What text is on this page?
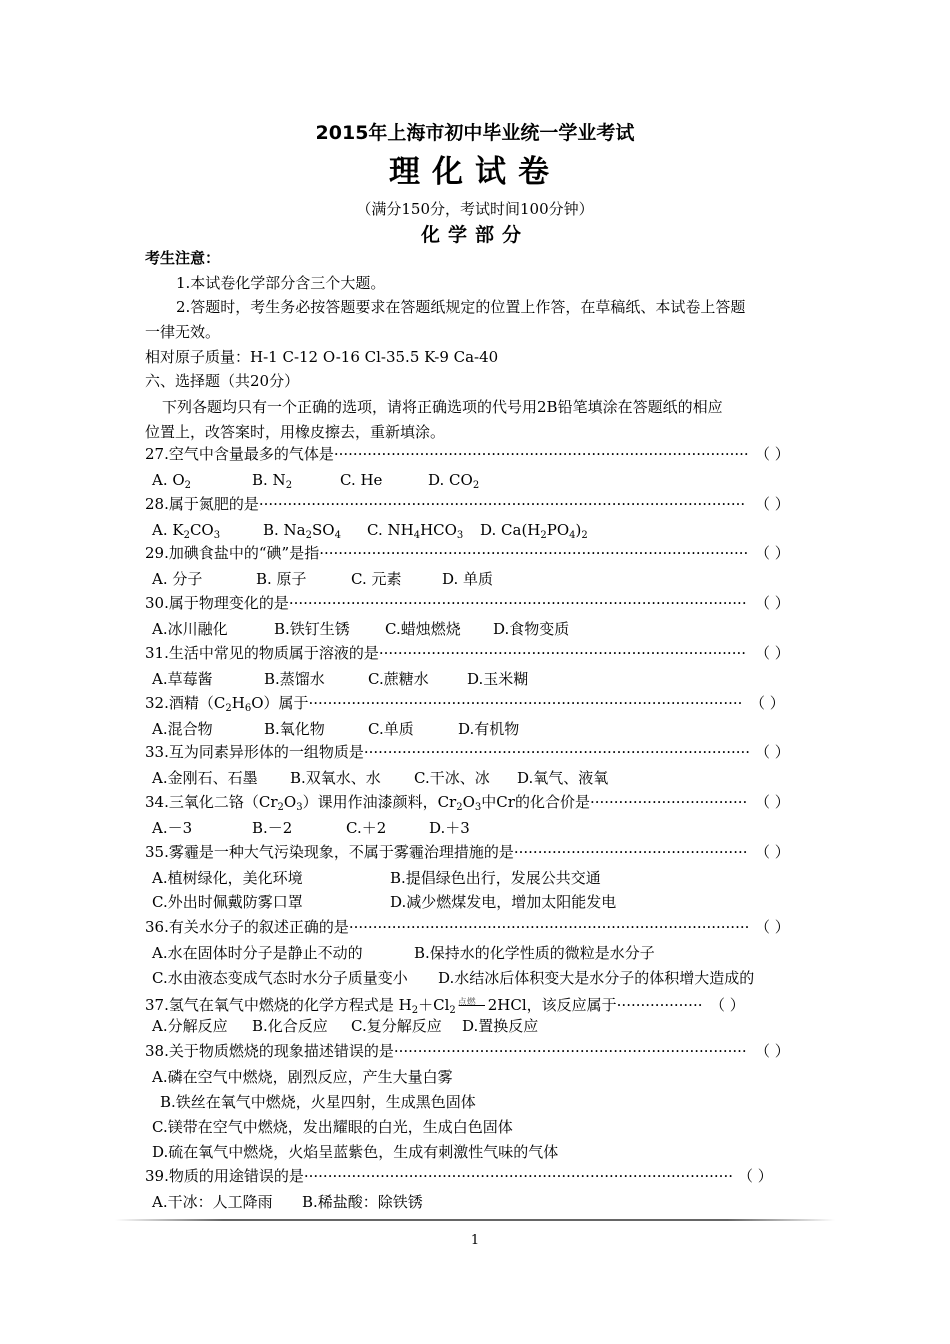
2015年上海市初中毕业统一学业考试
理化试卷
（满分150分，考试时间100分钟）
化学部分
考生注意：
1.本试卷化学部分含三个大题。
2.答题时，考生务必按答题要求在答题纸规定的位置上作答，在草稿纸、本试卷上答题
一律无效。
相对原子质量：H-1 C-12 O-16 Cl-35.5 K-9 Ca-40
六、选择题（共20分）
下列各题均只有一个正确的选项，请将正确选项的代号用2B铅笔填涂在答题纸的相应
位置上，改答案时，用橡皮擦去，重新填涂。
27.空气中含量最多的气体是······················································································· （ ）
A. $O_2$	B. $N_2$	C. He	D. $CO_2$
28.属于氮肥的是······································································································ （ ）
A. $K_2CO_3$	B. $Na_2SO_4$ C. $NH_4HCO_3$ D. $Ca(H_2PO_4)_2$
29.加碘食盐中的“碘”是指·························································································· （ ）
A. 分子	B. 原子	C. 元素	D. 单质
30.属于物理变化的是································································································ （ ）
A.冰川融化	B.铁钉生锈 C.蜡烛燃烧 D.食物变质
31.生活中常见的物质属于溶液的是············································································· （ ）
A.草莓酱	B.蒸馏水	C.蔗糖水	D.玉米糊
32.酒精$(C_2H_6O)$属于··························································································· （ ）
A.混合物	B.氧化物	C.单质	D.有机物
33.互为同素异形体的一组物质是················································································· （ ）
A.金刚石、石墨 B.双氧水、水 C.干冰、冰 D.氧气、液氧
34.三氧化二铬$(Cr_2O_3)$课用作油漆颜料，$Cr_2O_3$中Cr的化合价是································· （ ）
A.－3	B.－2	C.＋2	D.＋3
35.雾霾是一种大气污染现象，不属于雾霾治理措施的是················································· （ ）
A.植树绿化，美化环境	B.提倡绿色出行，发展公共交通
C.外出时佩戴防雾口罩	D.减少燃煤发电，增加太阳能发电
36.有关水分子的叙述正确的是···················································································· （ ）
A.水在固体时分子是静止不动的	B.保持水的化学性质的微粒是水分子
C.水由液态变成气态时水分子质量变小 D.水结冰后体积变大是水分子的体积增大造成的
37.氢气在氧气中燃烧的化学方程式是 $H_2+Cl_2$
点燃 2HCl，该反应属于·················· （ ）
A.分解反应 B.化合反应 C.复分解反应 D.置换反应
38.关于物质燃烧的现象描述错误的是·········································································· （ ）
A.磷在空气中燃烧，剧烈反应，产生大量白雾
B.铁丝在氧气中燃烧，火星四射，生成黑色固体
C.镁带在空气中燃烧，发出耀眼的白光，生成白色固体
D.硫在氧气中燃烧，火焰呈蓝紫色，生成有刺激性气味的气体
39.物质的用途错误的是·························································································· （ ）
A.干冰：人工降雨 B.稀盐酸：除铁锈
1
